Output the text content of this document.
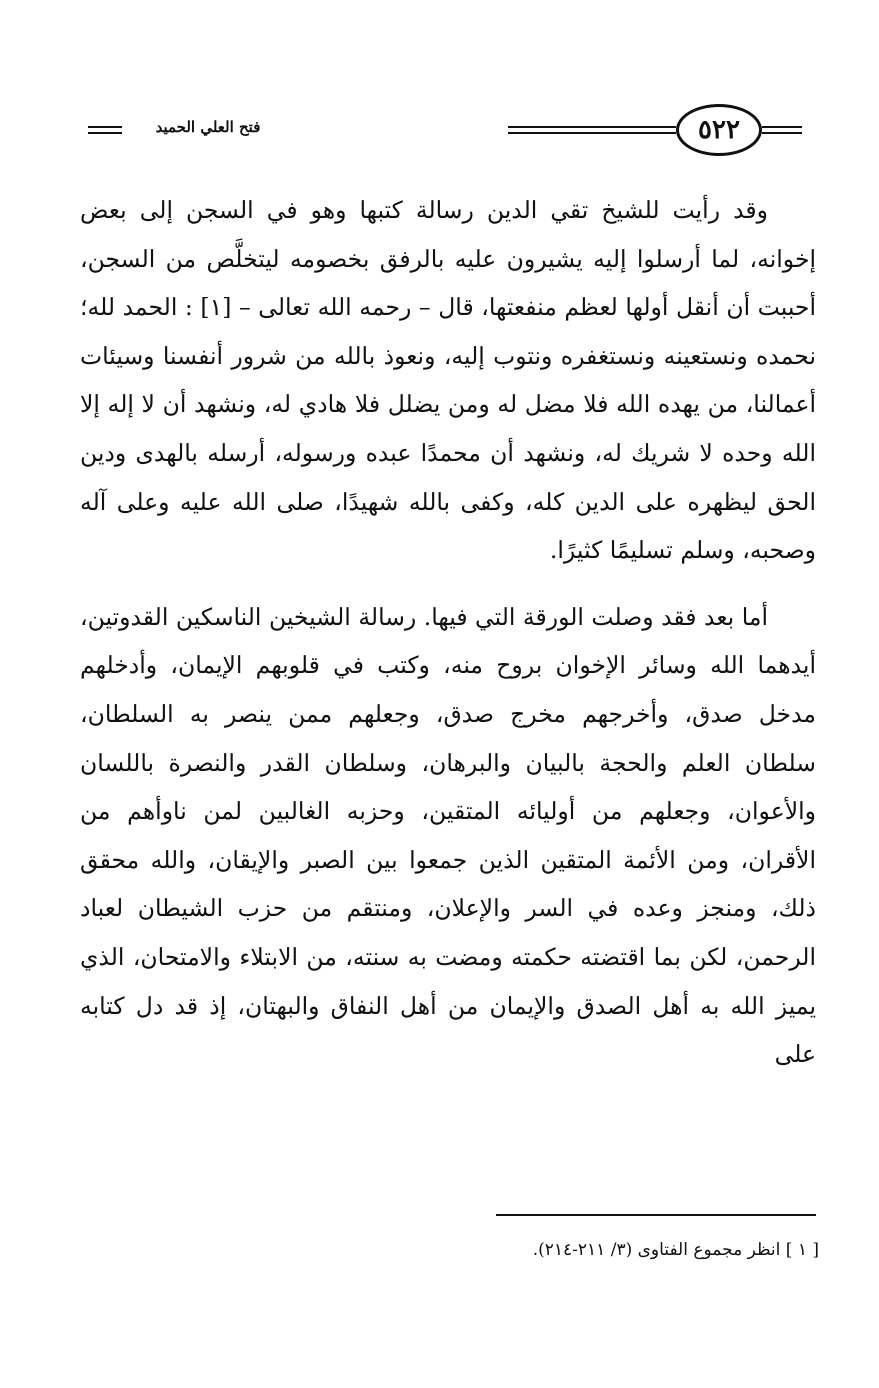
٥٢٢
فتح العلي الحميد

وقد رأيت للشيخ تقي الدين رسالة كتبها وهو في السجن إلى بعض إخوانه، لما أرسلوا إليه يشيرون عليه بالرفق بخصومه ليتخلَّص من السجن، أحببت أن أنقل أولها لعظم منفعتها، قال – رحمه الله تعالى – [١] : الحمد لله؛ نحمده ونستعينه ونستغفره ونتوب إليه، ونعوذ بالله من شرور أنفسنا وسيئات أعمالنا، من يهده الله فلا مضل له ومن يضلل فلا هادي له، ونشهد أن لا إله إلا الله وحده لا شريك له، ونشهد أن محمدًا عبده ورسوله، أرسله بالهدى ودين الحق ليظهره على الدين كله، وكفى بالله شهيدًا، صلى الله عليه وعلى آله وصحبه، وسلم تسليمًا كثيرًا.

أما بعد فقد وصلت الورقة التي فيها. رسالة الشيخين الناسكين القدوتين، أيدهما الله وسائر الإخوان بروح منه، وكتب في قلوبهم الإيمان، وأدخلهم مدخل صدق، وأخرجهم مخرج صدق، وجعلهم ممن ينصر به السلطان، سلطان العلم والحجة بالبيان والبرهان، وسلطان القدر والنصرة باللسان والأعوان، وجعلهم من أوليائه المتقين، وحزبه الغالبين لمن ناوأهم من الأقران، ومن الأئمة المتقين الذين جمعوا بين الصبر والإيقان، والله محقق ذلك، ومنجز وعده في السر والإعلان، ومنتقم من حزب الشيطان لعباد الرحمن، لكن بما اقتضته حكمته ومضت به سنته، من الابتلاء والامتحان، الذي يميز الله به أهل الصدق والإيمان من أهل النفاق والبهتان، إذ قد دل كتابه على

[ ١ ] انظر مجموع الفتاوى (٣/ ٢١١-٢١٤).
